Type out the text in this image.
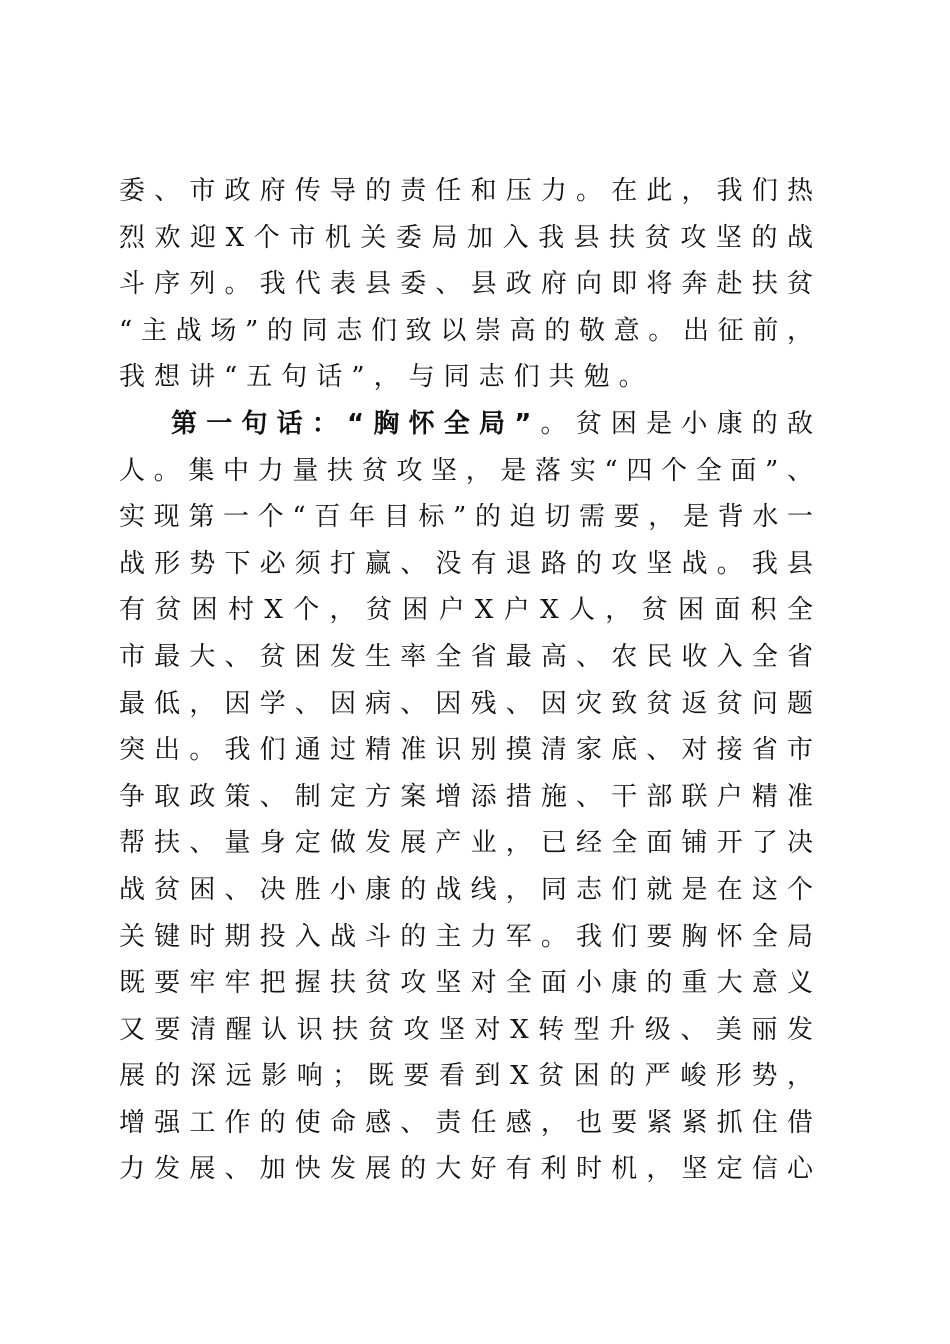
委、市政府传导的责任和压力。在此，我们热
烈欢迎X个市机关委局加入我县扶贫攻坚的战
斗序列。我代表县委、县政府向即将奔赴扶贫
“主战场”的同志们致以崇高的敬意。出征前，
我想讲“五句话”，与同志们共勉。
第一句话：“胸怀全局”。贫困是小康的敌
人。集中力量扶贫攻坚，是落实“四个全面”、
实现第一个“百年目标”的迫切需要，是背水一
战形势下必须打赢、没有退路的攻坚战。我县
有贫困村X个，贫困户X户X人，贫困面积全
市最大、贫困发生率全省最高、农民收入全省
最低，因学、因病、因残、因灾致贫返贫问题
突出。我们通过精准识别摸清家底、对接省市
争取政策、制定方案增添措施、干部联户精准
帮扶、量身定做发展产业，已经全面铺开了决
战贫困、决胜小康的战线，同志们就是在这个
关键时期投入战斗的主力军。我们要胸怀全局
既要牢牢把握扶贫攻坚对全面小康的重大意义
又要清醒认识扶贫攻坚对X转型升级、美丽发
展的深远影响；既要看到X贫困的严峻形势，
增强工作的使命感、责任感，也要紧紧抓住借
力发展、加快发展的大好有利时机，坚定信心
